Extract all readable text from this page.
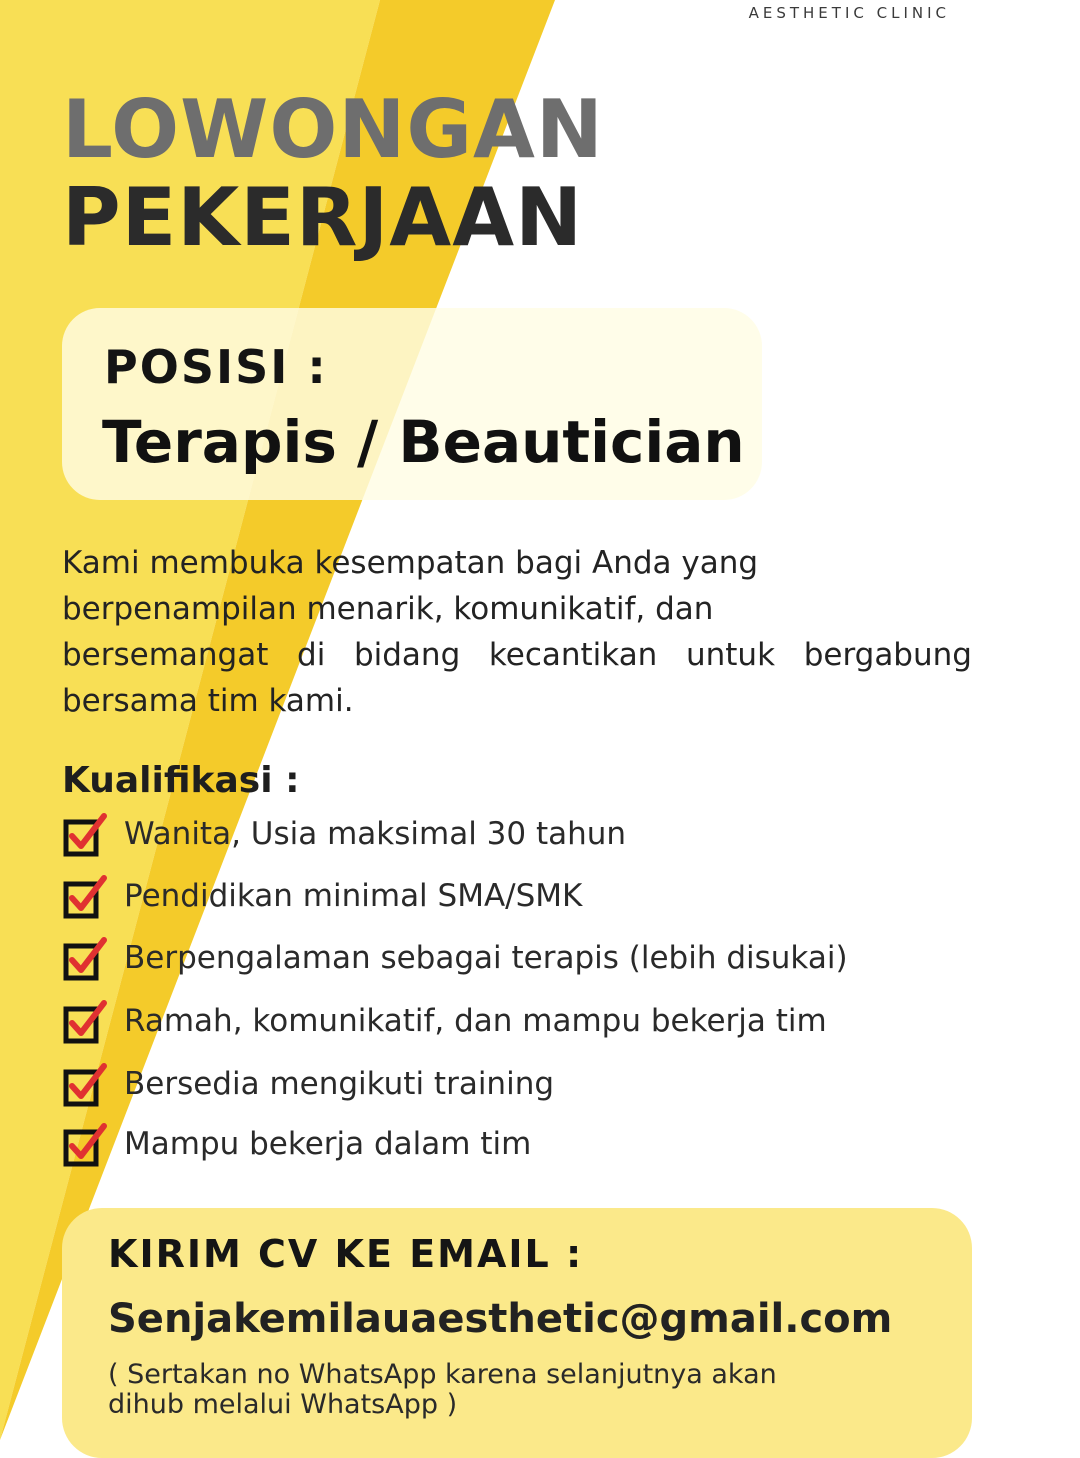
AESTHETIC CLINIC
LOWONGAN
PEKERJAAN
POSISI :
Terapis / Beautician
Kami membuka kesempatan bagi Anda yang
berpenampilan menarik, komunikatif, dan
bersemangat di bidang kecantikan untuk bergabung
bersama tim kami.
Kualifikasi :
Wanita, Usia maksimal 30 tahun
Pendidikan minimal SMA/SMK
Berpengalaman sebagai terapis (lebih disukai)
Ramah, komunikatif, dan mampu bekerja tim
Bersedia mengikuti training
Mampu bekerja dalam tim
KIRIM CV KE EMAIL :
Senjakemilauaesthetic@gmail.com
( Sertakan no WhatsApp karena selanjutnya akan
dihub melalui WhatsApp )
